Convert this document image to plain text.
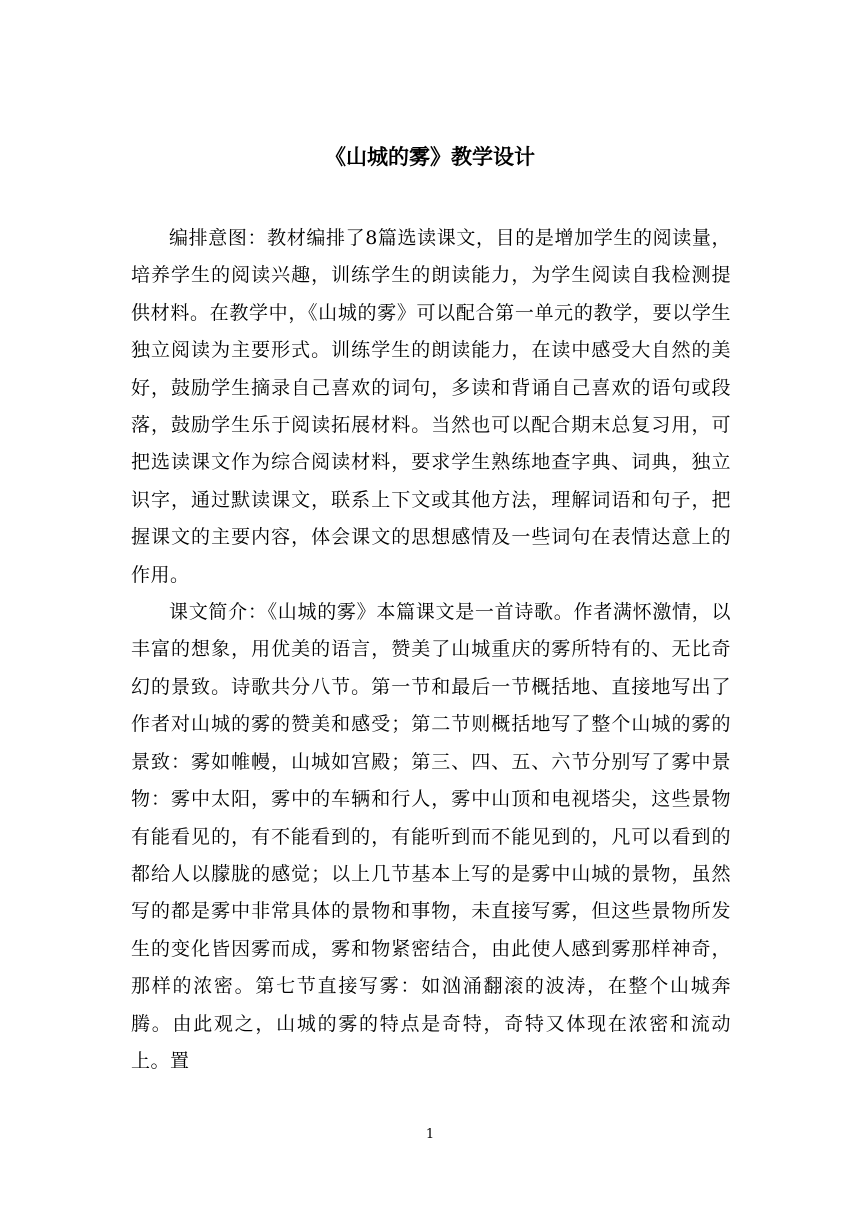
《山城的雾》教学设计

编排意图：教材编排了8篇选读课文，目的是增加学生的阅读量，培养学生的阅读兴趣，训练学生的朗读能力，为学生阅读自我检测提供材料。在教学中，《山城的雾》可以配合第一单元的教学，要以学生独立阅读为主要形式。训练学生的朗读能力，在读中感受大自然的美好，鼓励学生摘录自己喜欢的词句，多读和背诵自己喜欢的语句或段落，鼓励学生乐于阅读拓展材料。当然也可以配合期末总复习用，可把选读课文作为综合阅读材料，要求学生熟练地查字典、词典，独立识字，通过默读课文，联系上下文或其他方法，理解词语和句子，把握课文的主要内容，体会课文的思想感情及一些词句在表情达意上的作用。

课文简介：《山城的雾》本篇课文是一首诗歌。作者满怀激情，以丰富的想象，用优美的语言，赞美了山城重庆的雾所特有的、无比奇幻的景致。诗歌共分八节。第一节和最后一节概括地、直接地写出了作者对山城的雾的赞美和感受；第二节则概括地写了整个山城的雾的景致：雾如帷幔，山城如宫殿；第三、四、五、六节分别写了雾中景物：雾中太阳，雾中的车辆和行人，雾中山顶和电视塔尖，这些景物有能看见的，有不能看到的，有能听到而不能见到的，凡可以看到的都给人以朦胧的感觉；以上几节基本上写的是雾中山城的景物，虽然写的都是雾中非常具体的景物和事物，未直接写雾，但这些景物所发生的变化皆因雾而成，雾和物紧密结合，由此使人感到雾那样神奇，那样的浓密。第七节直接写雾：如汹涌翻滚的波涛，在整个山城奔腾。由此观之，山城的雾的特点是奇特，奇特又体现在浓密和流动上。置

1
